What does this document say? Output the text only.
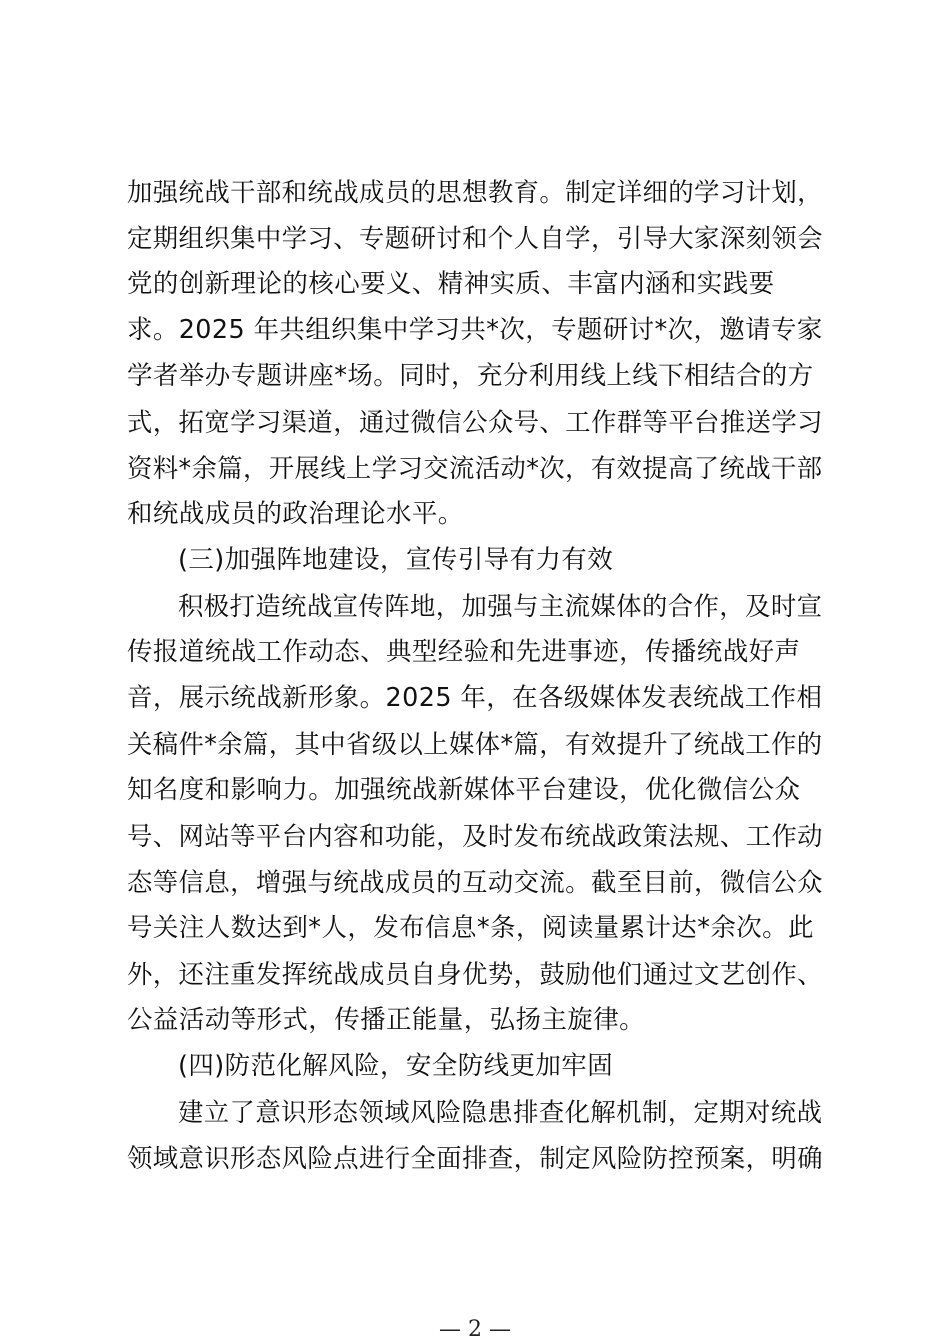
加强统战干部和统战成员的思想教育。制定详细的学习计划，
定期组织集中学习、专题研讨和个人自学，引导大家深刻领会
党的创新理论的核心要义、精神实质、丰富内涵和实践要
求。2025 年共组织集中学习共*次，专题研讨*次，邀请专家
学者举办专题讲座*场。同时，充分利用线上线下相结合的方
式，拓宽学习渠道，通过微信公众号、工作群等平台推送学习
资料*余篇，开展线上学习交流活动*次，有效提高了统战干部
和统战成员的政治理论水平。
(三)加强阵地建设，宣传引导有力有效
积极打造统战宣传阵地，加强与主流媒体的合作，及时宣
传报道统战工作动态、典型经验和先进事迹，传播统战好声
音，展示统战新形象。2025 年，在各级媒体发表统战工作相
关稿件*余篇，其中省级以上媒体*篇，有效提升了统战工作的
知名度和影响力。加强统战新媒体平台建设，优化微信公众
号、网站等平台内容和功能，及时发布统战政策法规、工作动
态等信息，增强与统战成员的互动交流。截至目前，微信公众
号关注人数达到*人，发布信息*条，阅读量累计达*余次。此
外，还注重发挥统战成员自身优势，鼓励他们通过文艺创作、
公益活动等形式，传播正能量，弘扬主旋律。
(四)防范化解风险，安全防线更加牢固
建立了意识形态领域风险隐患排查化解机制，定期对统战
领域意识形态风险点进行全面排查，制定风险防控预案，明确
— 2 —
